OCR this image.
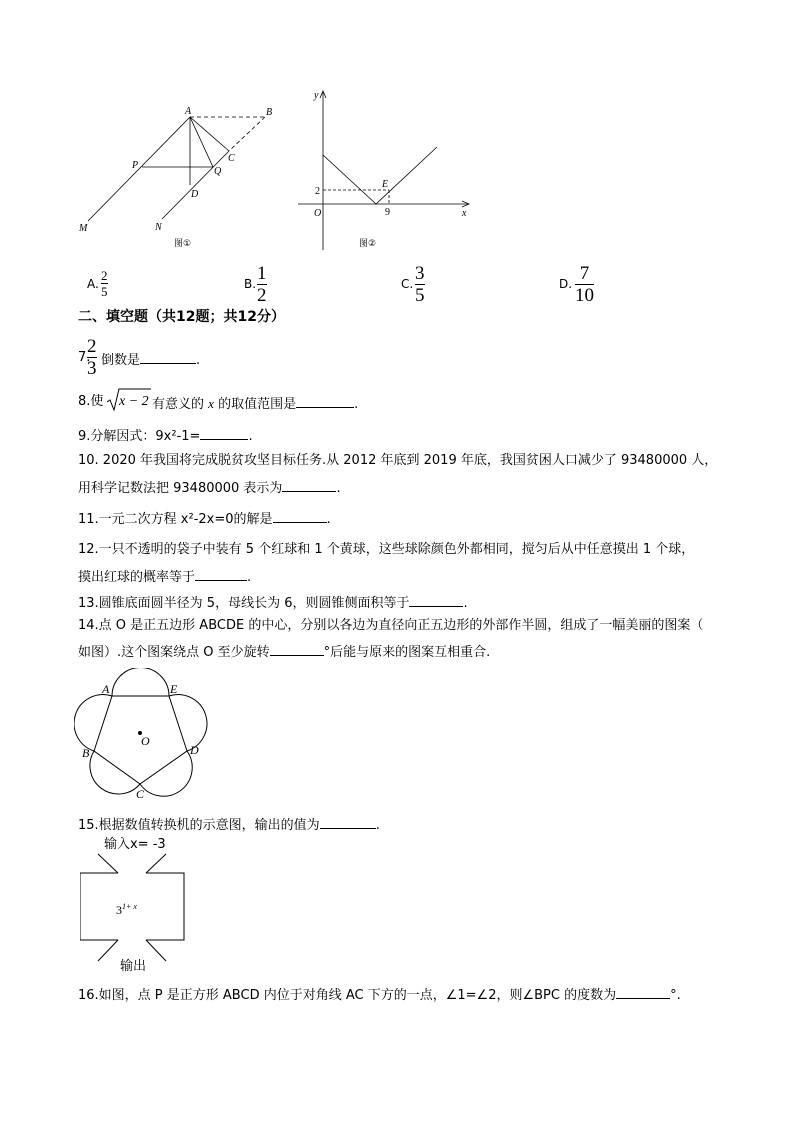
A	B
C
P
Q
D
M	N
图①
y
x
O
E
2
9
图②
A.
2
5	B. 1
2
C. 3
5
D. 7
10
二、填空题（共12题；共12分）
7.
2
3 倒数是	.
8.使 x − 2 有意义的 x 的取值范围是	.
9.分解因式：9x²-1=	.
10. 2020 年我国将完成脱贫攻坚目标任务.从 2012 年底到 2019 年底，我国贫困人口减少了 93480000 人，
用科学记数法把 93480000 表示为	.
11.一元二次方程 x²-2x=0的解是	.
12.一只不透明的袋子中装有 5 个红球和 1 个黄球，这些球除颜色外都相同，搅匀后从中任意摸出 1 个球，
摸出红球的概率等于	.
13.圆锥底面圆半径为 5，母线长为 6，则圆锥侧面积等于	.
14.点 O 是正五边形 ABCDE 的中心，分别以各边为直径向正五边形的外部作半圆，组成了一幅美丽的图案（
如图）.这个图案绕点 O 至少旋转	°后能与原来的图案互相重合.
A	E
O
B	D
C
15.根据数值转换机的示意图，输出的值为	.
输入x= -3
$3^{1+ x}$
输出
16.如图，点 P 是正方形 ABCD 内位于对角线 AC 下方的一点，∠1=∠2，则∠BPC 的度数为	°.
